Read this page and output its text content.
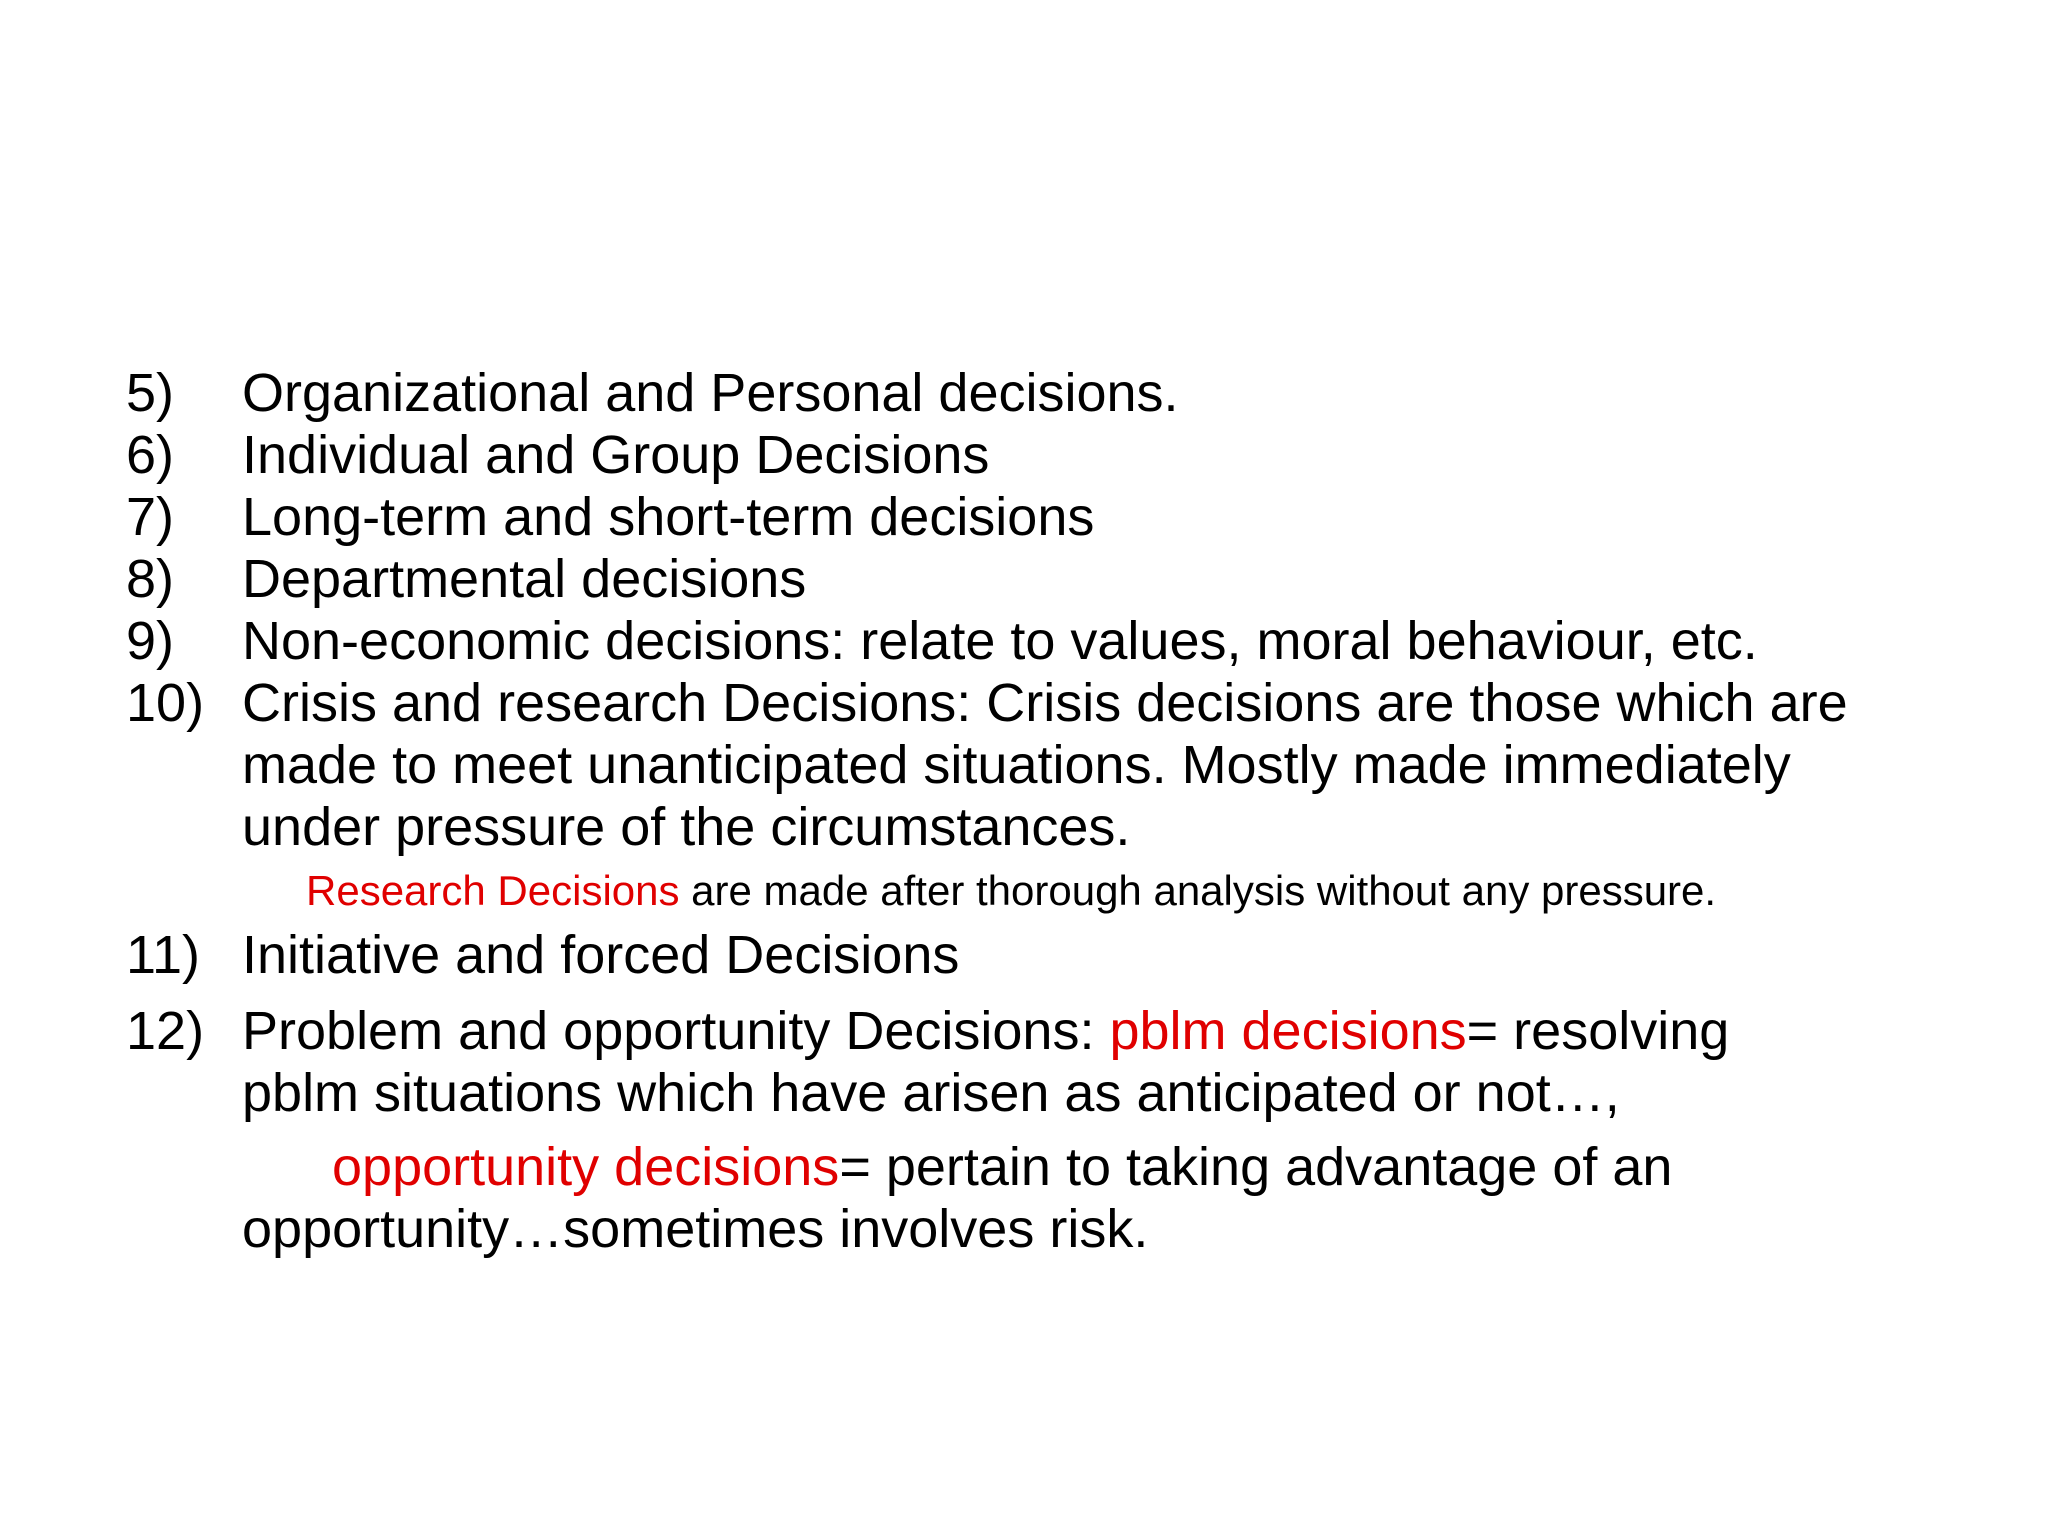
5)	Organizational and Personal decisions.
6)	Individual and Group Decisions
7)	Long-term and short-term decisions
8)	Departmental decisions
9)	Non-economic decisions: relate to values, moral behaviour, etc.
10) Crisis and research Decisions: Crisis decisions are those which are
made to meet unanticipated situations. Mostly made immediately
under pressure of the circumstances.
Research Decisions are made after thorough analysis without any pressure.
11) Initiative and forced Decisions
12) Problem and opportunity Decisions: pblm decisions= resolving
pblm situations which have arisen as anticipated or not…,
opportunity decisions= pertain to taking advantage of an
opportunity…sometimes involves risk.
